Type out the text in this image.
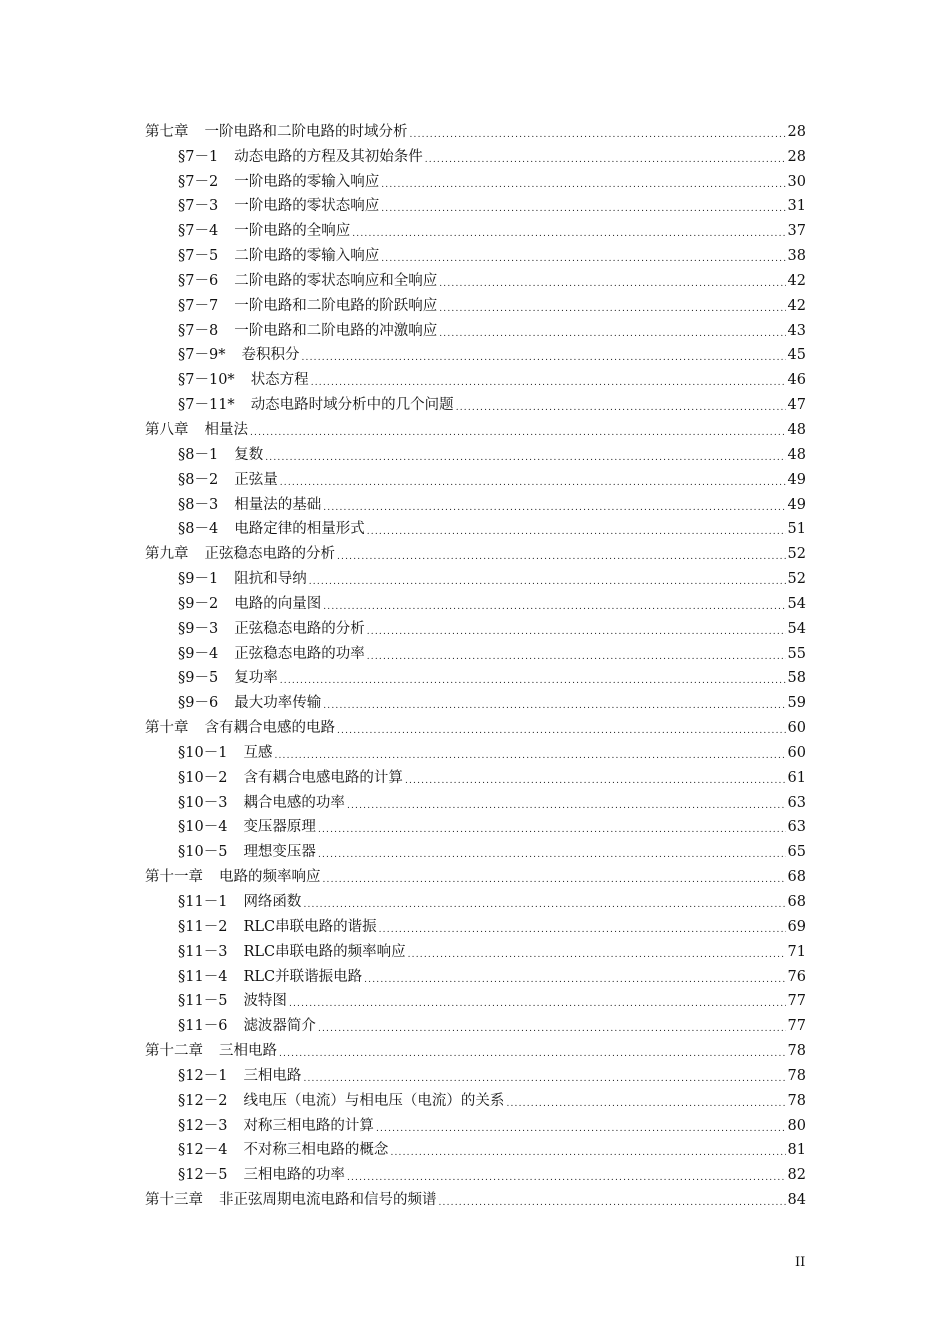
第七章 一阶电路和二阶电路的时域分析 .....	28
§7－1 动态电路的方程及其初始条件 .....	28
§7－2 一阶电路的零输入响应 .....	30
§7－3 一阶电路的零状态响应 .....	31
§7－4 一阶电路的全响应 .....	37
§7－5 二阶电路的零输入响应 .....	38
§7－6 二阶电路的零状态响应和全响应 .....	42
§7－7 一阶电路和二阶电路的阶跃响应 .....	42
§7－8 一阶电路和二阶电路的冲激响应 .....	43
§7－9* 卷积积分 .....	45
§7－10* 状态方程 .....	46
§7－11* 动态电路时域分析中的几个问题 .....	47
第八章 相量法 .....	48
§8－1 复数 .....	48
§8－2 正弦量 .....	49
§8－3 相量法的基础 .....	49
§8－4 电路定律的相量形式 .....	51
第九章 正弦稳态电路的分析 .....	52
§9－1 阻抗和导纳 .....	52
§9－2 电路的向量图 .....	54
§9－3 正弦稳态电路的分析 .....	54
§9－4 正弦稳态电路的功率 .....	55
§9－5 复功率 .....	58
§9－6 最大功率传输 .....	59
第十章 含有耦合电感的电路 .....	60
§10－1 互感 .....	60
§10－2 含有耦合电感电路的计算 .....	61
§10－3 耦合电感的功率 .....	63
§10－4 变压器原理 .....	63
§10－5 理想变压器 .....	65
第十一章 电路的频率响应 .....	68
§11－1 网络函数 .....	68
§11－2 RLC串联电路的谐振 .....	69
§11－3 RLC串联电路的频率响应 .....	71
§11－4 RLC并联谐振电路 .....	76
§11－5 波特图 .....	77
§11－6 滤波器简介 .....	77
第十二章 三相电路 .....	78
§12－1 三相电路 .....	78
§12－2 线电压（电流）与相电压（电流）的关系 .....	78
§12－3 对称三相电路的计算 .....	80
§12－4 不对称三相电路的概念 .....	81
§12－5 三相电路的功率 .....	82
第十三章 非正弦周期电流电路和信号的频谱 .....	84
II
